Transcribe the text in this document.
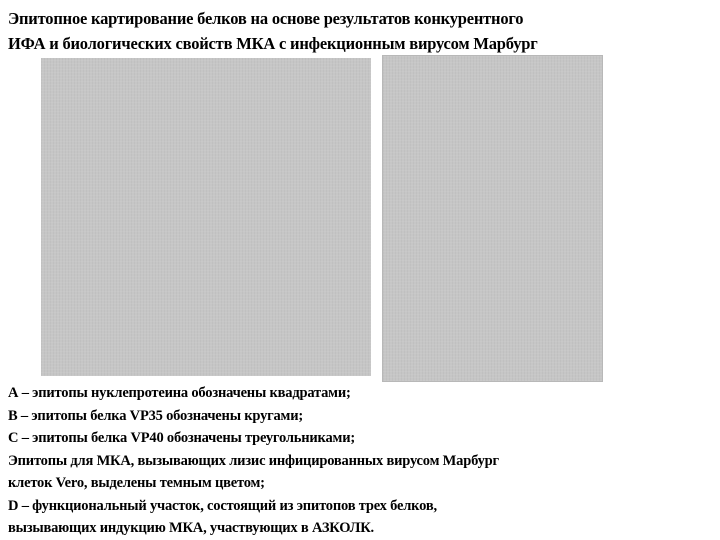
Эпитопное картирование белков на основе результатов конкурентного
ИФА и биологических свойств МКА с инфекционным вирусом Марбург
А – эпитопы нуклепротеина обозначены квадратами;
В – эпитопы белка VP35 обозначены кругами;
С – эпитопы белка VP40 обозначены треугольниками;
Эпитопы для МКА, вызывающих лизис инфицированных вирусом Марбург
клеток Vero, выделены темным цветом;
D – функциональный участок, состоящий из эпитопов трех белков,
вызывающих индукцию МКА, участвующих в АЗКОЛК.
